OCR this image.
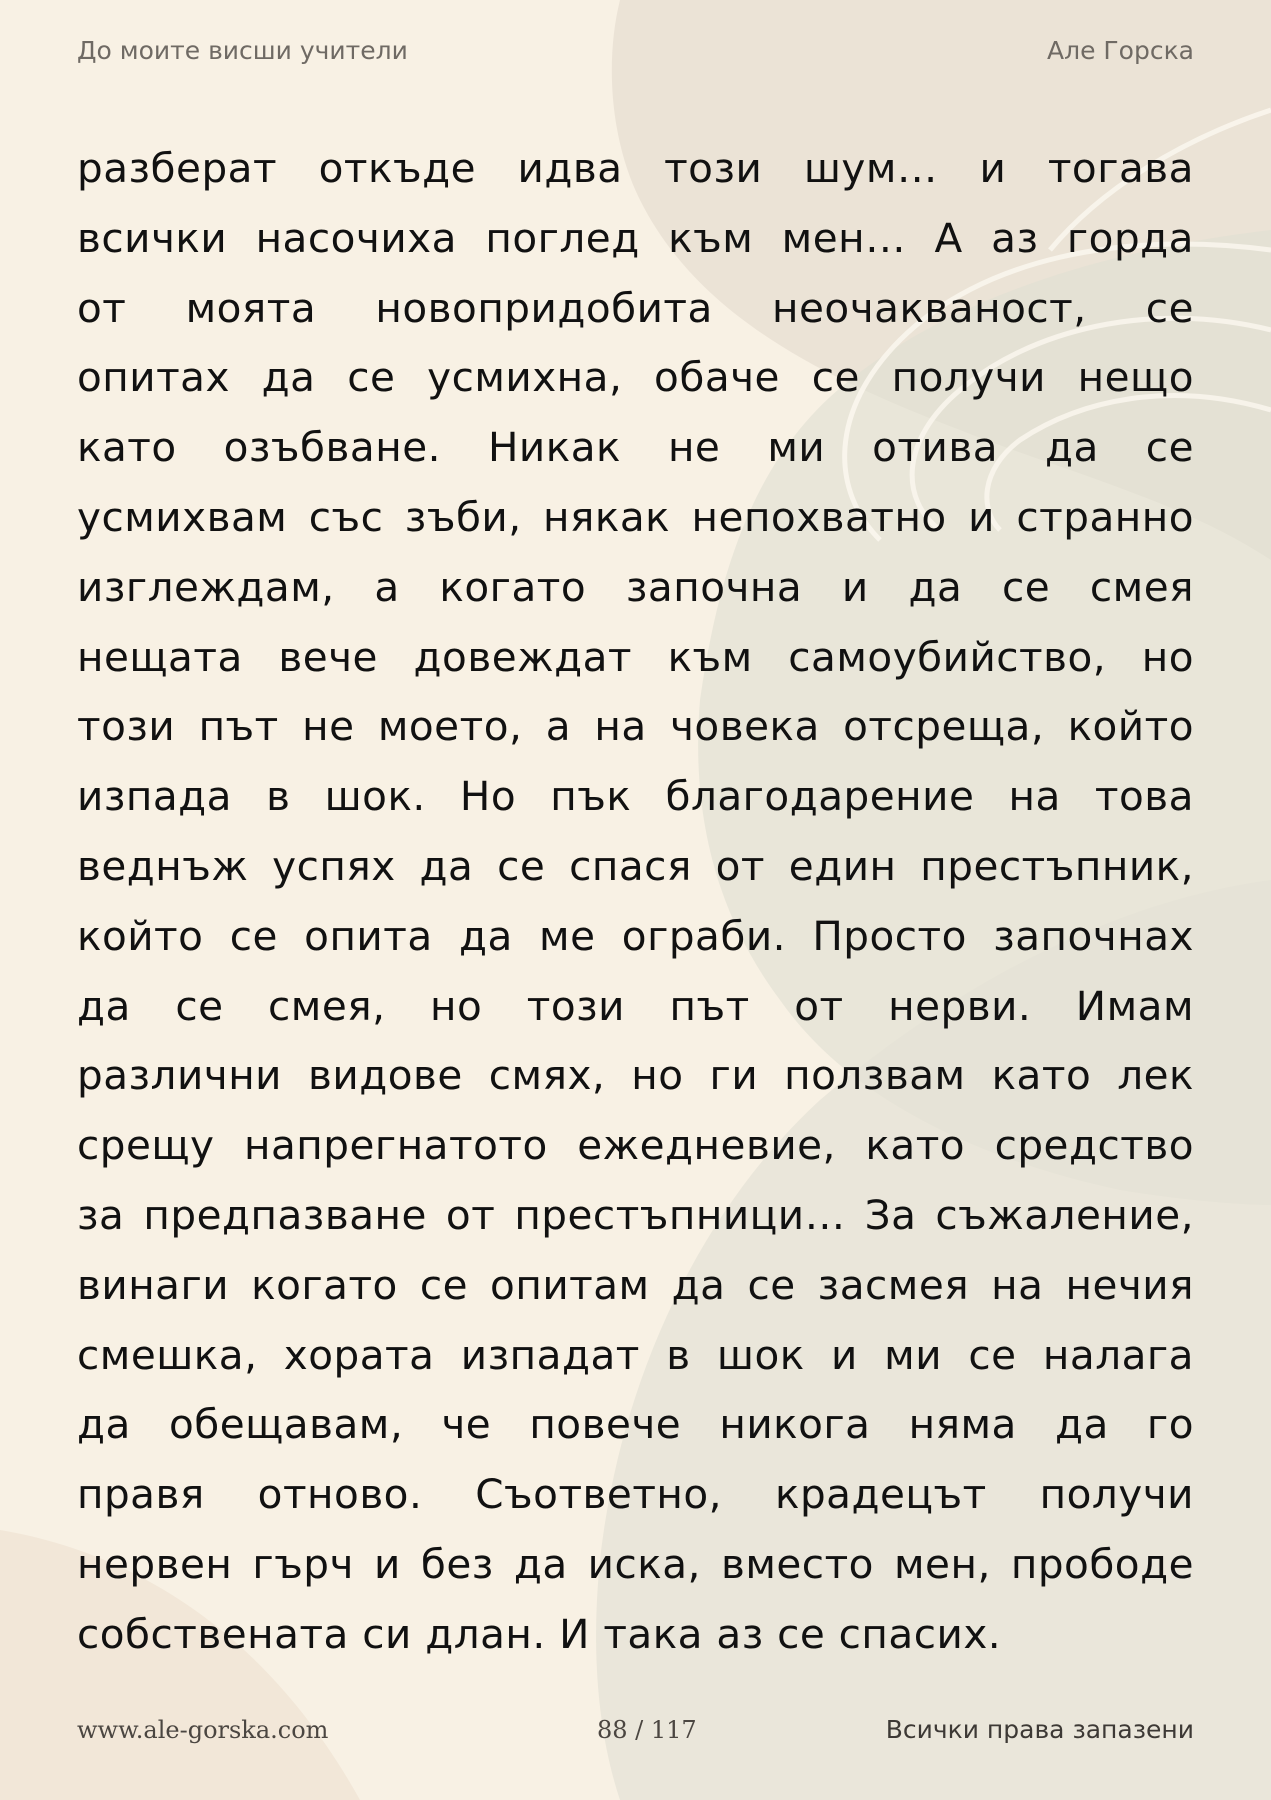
До моите висши учители	Але Горска
разберат откъде идва този шум… и тогава
всички насочиха поглед към мен… А аз горда
от моята новопридобита неочакваност, се
опитах да се усмихна, обаче се получи нещо
като озъбване. Никак не ми отива да се
усмихвам със зъби, някак непохватно и странно
изглеждам, а когато започна и да се смея
нещата вече довеждат към самоубийство, но
този път не моето, а на човека отсреща, който
изпада в шок. Но пък благодарение на това
веднъж успях да се спася от един престъпник,
който се опита да ме ограби. Просто започнах
да се смея, но този път от нерви. Имам
различни видове смях, но ги ползвам като лек
срещу напрегнатото ежедневие, като средство
за предпазване от престъпници… За съжаление,
винаги когато се опитам да се засмея на нечия
смешка, хората изпадат в шок и ми се налага
да обещавам, че повече никога няма да го
правя отново. Съответно, крадецът получи
нервен гърч и без да иска, вместо мен, прободе
собствената си длан. И така аз се спасих.
www.ale-gorska.com	88 / 117	Всички права запазени
